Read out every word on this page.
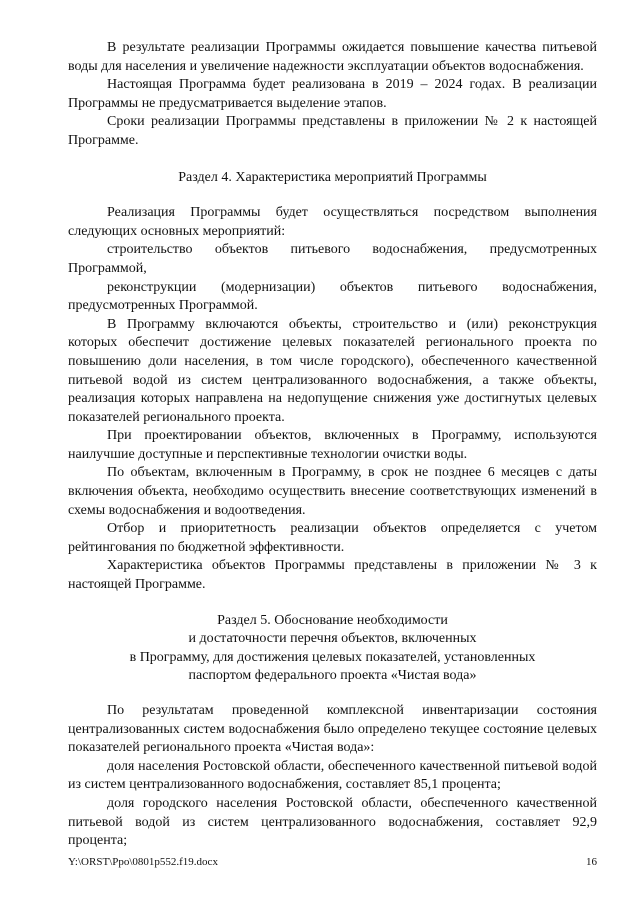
В результате реализации Программы ожидается повышение качества питьевой воды для населения и увеличение надежности эксплуатации объектов водоснабжения.

Настоящая Программа будет реализована в 2019 – 2024 годах. В реализации Программы не предусматривается выделение этапов.

Сроки реализации Программы представлены в приложении № 2 к настоящей Программе.

Раздел 4. Характеристика мероприятий Программы

Реализация Программы будет осуществляться посредством выполнения следующих основных мероприятий:

строительство объектов питьевого водоснабжения, предусмотренных Программой,

реконструкции (модернизации) объектов питьевого водоснабжения, предусмотренных Программой.

В Программу включаются объекты, строительство и (или) реконструкция которых обеспечит достижение целевых показателей регионального проекта по повышению доли населения, в том числе городского), обеспеченного качественной питьевой водой из систем централизованного водоснабжения, а также объекты, реализация которых направлена на недопущение снижения уже достигнутых целевых показателей регионального проекта.

При проектировании объектов, включенных в Программу, используются наилучшие доступные и перспективные технологии очистки воды.

По объектам, включенным в Программу, в срок не позднее 6 месяцев с даты включения объекта, необходимо осуществить внесение соответствующих изменений в схемы водоснабжения и водоотведения.

Отбор и приоритетность реализации объектов определяется с учетом рейтингования по бюджетной эффективности.

Характеристика объектов Программы представлены в приложении № 3 к настоящей Программе.

Раздел 5. Обоснование необходимости
и достаточности перечня объектов, включенных
в Программу, для достижения целевых показателей, установленных
паспортом федерального проекта «Чистая вода»

По результатам проведенной комплексной инвентаризации состояния централизованных систем водоснабжения было определено текущее состояние целевых показателей регионального проекта «Чистая вода»:

доля населения Ростовской области, обеспеченного качественной питьевой водой из систем централизованного водоснабжения, составляет 85,1 процента;

доля городского населения Ростовской области, обеспеченного качественной питьевой водой из систем централизованного водоснабжения, составляет 92,9 процента;

Y:\ORST\Ppo\0801p552.f19.docx	16
